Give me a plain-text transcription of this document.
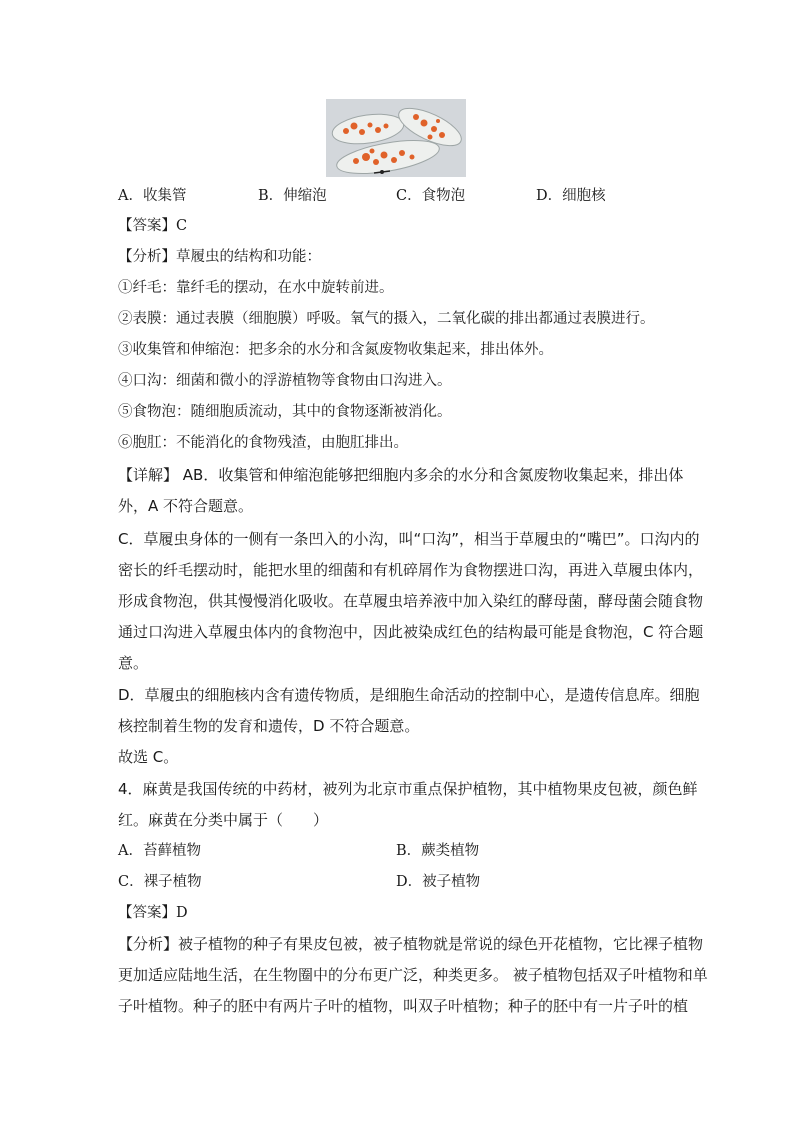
A．收集管	B．伸缩泡	C．食物泡	D．细胞核
【答案】C
【分析】草履虫的结构和功能：
①纤毛：靠纤毛的摆动，在水中旋转前进。
②表膜：通过表膜（细胞膜）呼吸。氧气的摄入，二氧化碳的排出都通过表膜进行。
③收集管和伸缩泡：把多余的水分和含氮废物收集起来，排出体外。
④口沟：细菌和微小的浮游植物等食物由口沟进入。
⑤食物泡：随细胞质流动，其中的食物逐渐被消化。
⑥胞肛：不能消化的食物残渣，由胞肛排出。
【详解】 AB．收集管和伸缩泡能够把细胞内多余的水分和含氮废物收集起来，排出体
外，A 不符合题意。
C．草履虫身体的一侧有一条凹入的小沟，叫“口沟”，相当于草履虫的“嘴巴”。口沟内的
密长的纤毛摆动时，能把水里的细菌和有机碎屑作为食物摆进口沟，再进入草履虫体内，
形成食物泡，供其慢慢消化吸收。在草履虫培养液中加入染红的酵母菌，酵母菌会随食物
通过口沟进入草履虫体内的食物泡中，因此被染成红色的结构最可能是食物泡，C 符合题
意。
D．草履虫的细胞核内含有遗传物质，是细胞生命活动的控制中心，是遗传信息库。细胞
核控制着生物的发育和遗传，D 不符合题意。
故选 C。
4．麻黄是我国传统的中药材，被列为北京市重点保护植物，其中植物果皮包被，颜色鲜
红。麻黄在分类中属于（　　）
A．苔藓植物	B．蕨类植物
C．裸子植物	D．被子植物
【答案】D
【分析】被子植物的种子有果皮包被，被子植物就是常说的绿色开花植物，它比裸子植物
更加适应陆地生活，在生物圈中的分布更广泛，种类更多。 被子植物包括双子叶植物和单
子叶植物。种子的胚中有两片子叶的植物，叫双子叶植物；种子的胚中有一片子叶的植
